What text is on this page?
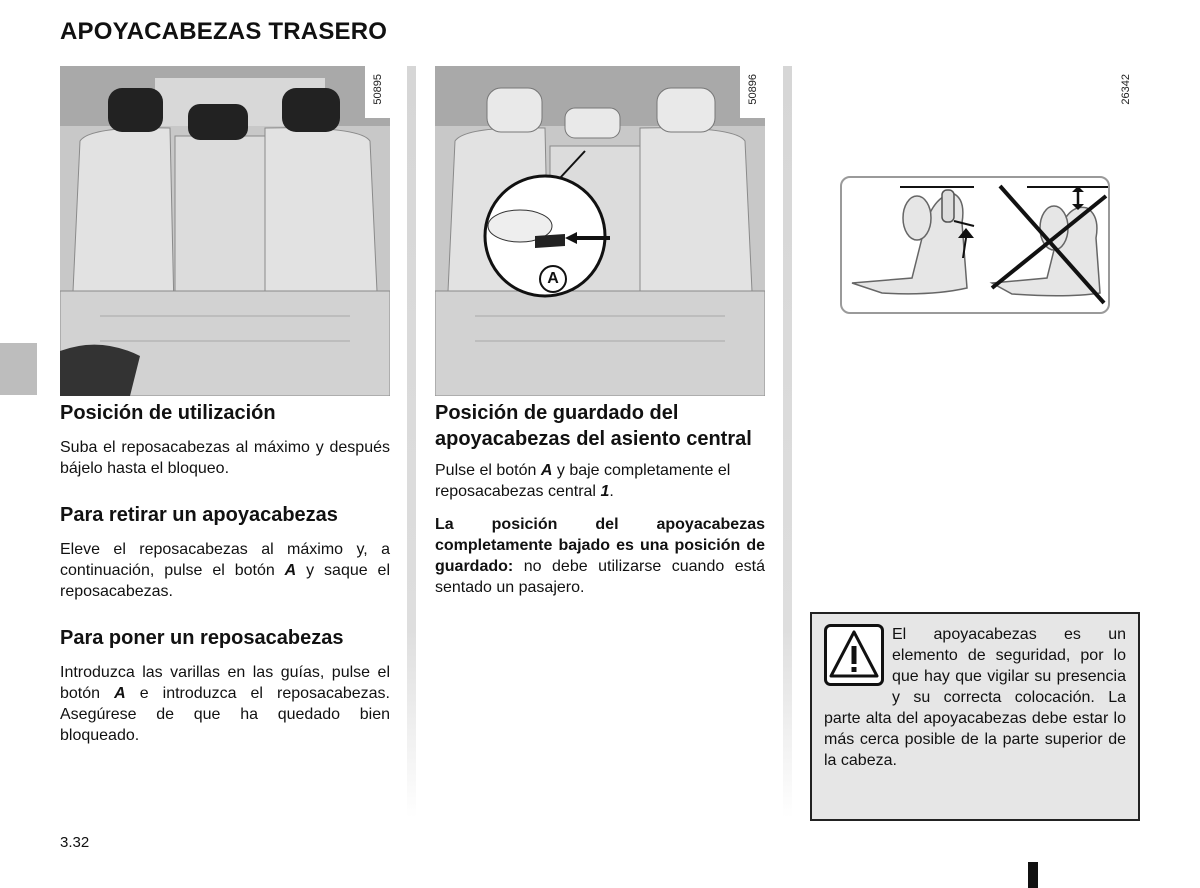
APOYACABEZAS TRASERO
50895
A
50896
Posición de utilización

Suba el reposacabezas al máximo y después bájelo hasta el bloqueo.

Para retirar un apoyacabezas

Eleve el reposacabezas al máximo y, a continuación, pulse el botón A y saque el reposacabezas.

Para poner un reposacabezas

Introduzca las varillas en las guías, pulse el botón A e introduzca el reposacabezas. Asegúrese de que ha quedado bien bloqueado.

Posición de guardado del apoyacabezas del asiento central

Pulse el botón A y baje completamente el reposacabezas central 1.

La posición del apoyacabezas completamente bajado es una posición de guardado: no debe utilizarse cuando está sentado un pasajero.

26342

El apoyacabezas es un elemento de seguridad, por lo que hay que vigilar su presencia y su correcta colocación. La parte alta del apoyacabezas debe estar lo más cerca posible de la parte superior de la cabeza.

3.32
